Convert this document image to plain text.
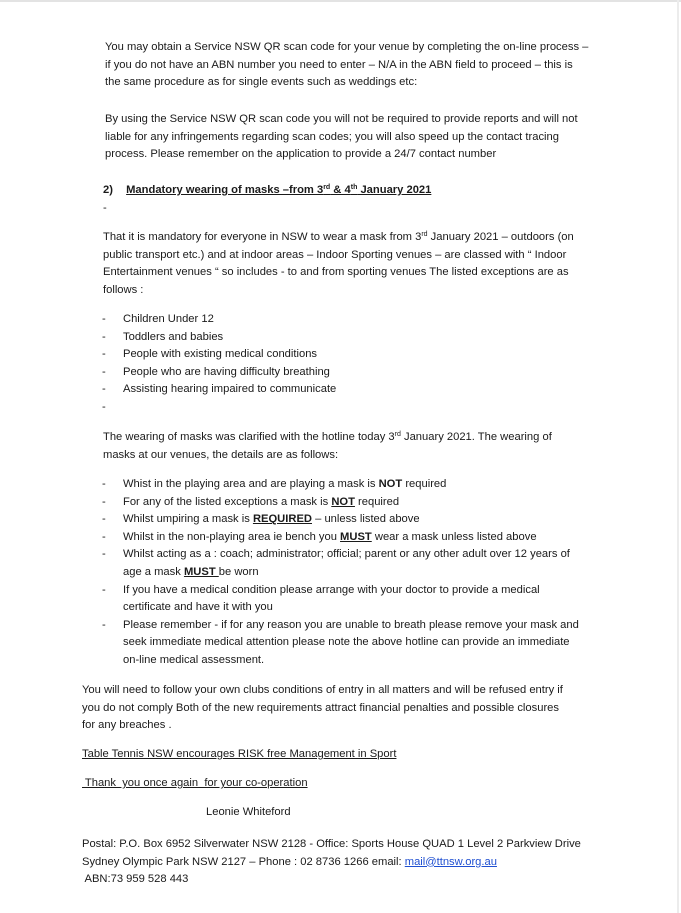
You may obtain a Service NSW QR scan code for your venue by completing the on-line process –
if you do not have an ABN number you need to enter – N/A in the ABN field to proceed – this is
the same procedure as for single events such as weddings etc:
By using the Service NSW QR scan code you will not be required to provide reports and will not
liable for any infringements regarding scan codes; you will also speed up the contact tracing
process. Please remember on the application to provide a 24/7 contact number
2) Mandatory wearing of masks –from 3rd & 4th January 2021
-
That it is mandatory for everyone in NSW to wear a mask from 3rd January 2021 – outdoors (on
public transport etc.) and at indoor areas – Indoor Sporting venues – are classed with “ Indoor
Entertainment venues “ so includes - to and from sporting venues The listed exceptions are as
follows :
- Children Under 12
- Toddlers and babies
- People with existing medical conditions
- People who are having difficulty breathing
- Assisting hearing impaired to communicate
-
The wearing of masks was clarified with the hotline today 3rd January 2021. The wearing of
masks at our venues, the details are as follows:
- Whist in the playing area and are playing a mask is NOT required
- For any of the listed exceptions a mask is NOT required
- Whilst umpiring a mask is REQUIRED – unless listed above
- Whilst in the non-playing area ie bench you MUST wear a mask unless listed above
- Whilst acting as a : coach; administrator; official; parent or any other adult over 12 years of
age a mask MUST be worn
- If you have a medical condition please arrange with your doctor to provide a medical
certificate and have it with you
- Please remember - if for any reason you are unable to breath please remove your mask and
seek immediate medical attention please note the above hotline can provide an immediate
on-line medical assessment.
You will need to follow your own clubs conditions of entry in all matters and will be refused entry if
you do not comply Both of the new requirements attract financial penalties and possible closures
for any breaches .
Table Tennis NSW encourages RISK free Management in Sport
Thank  you once again  for your co-operation
Leonie Whiteford
Postal: P.O. Box 6952 Silverwater NSW 2128 - Office: Sports House QUAD 1 Level 2 Parkview Drive
Sydney Olympic Park NSW 2127 – Phone : 02 8736 1266 email: mail@ttnsw.org.au
ABN:73 959 528 443
